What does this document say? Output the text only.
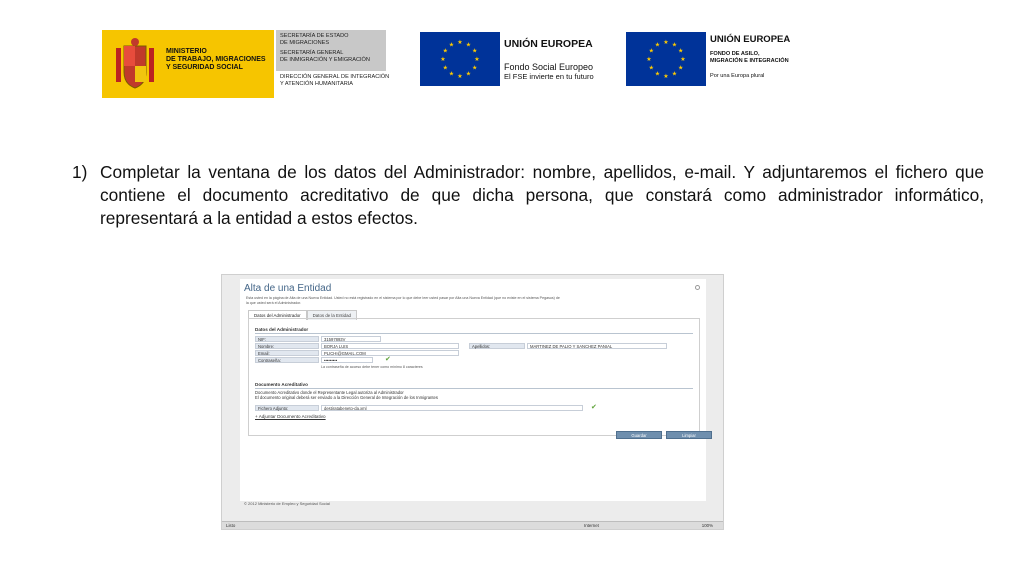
MINISTERIO
DE TRABAJO, MIGRACIONES
Y SEGURIDAD SOCIAL
SECRETARÍA DE ESTADO
DE MIGRACIONES
SECRETARÍA GENERAL
DE INMIGRACIÓN Y EMIGRACIÓN
DIRECCIÓN GENERAL DE INTEGRACIÓN
Y ATENCIÓN HUMANITARIA
★ ★
★
★
★
★
★
★
★
★
★
★	UNIÓN EUROPEA
Fondo Social Europeo
El FSE invierte en tu futuro
★ ★
★
★
★
★
★
★
★
★
★
★
UNIÓN EUROPEA
FONDO DE ASILO,
MIGRACIÓN E INTEGRACIÓN
Por una Europa plural
1) Completar la ventana de los datos del Administrador: nombre, apellidos, e-mail. Y adjuntaremos el fichero que contiene el documento acreditativo de que dicha persona, que constará como administrador informático, representará a la entidad a estos efectos.
Alta de una Entidad
Esta usted en la página de Alta de una Nueva Entidad. Usted no está registrado en el sistema por lo que debe leer usted pasar por Alta una Nueva Entidad (que no existe en el sistema Pegasus) de
la que usted será el Administrador.
Datos del Administrador	Datos de la Entidad
Datos del Administrador
NIF:	31597893V
Nombre:	BORJA LUIS	Apellidos:	MARTINEZ DE PALIO Y SANCHEZ PANIAL
Email:	PLICHI@GMAIL.COM
Contraseña:	•••••••••	✔
La contraseña de acceso debe tener como mínimo 8 caracteres
Documento Acreditativo
Documento Acreditativo donde el Representante Legal autoriza al Administrador
El documento original deberá ser enviado a la Dirección General de Integración de los Inmigrantes
Fichero Adjunto:	destiratabeneto-da.xml	✔
+ Adjuntar Documento Acreditativo
Guardar	Limpiar
© 2012 Ministerio de Empleo y Seguridad Social
Listo	Internet	100%
